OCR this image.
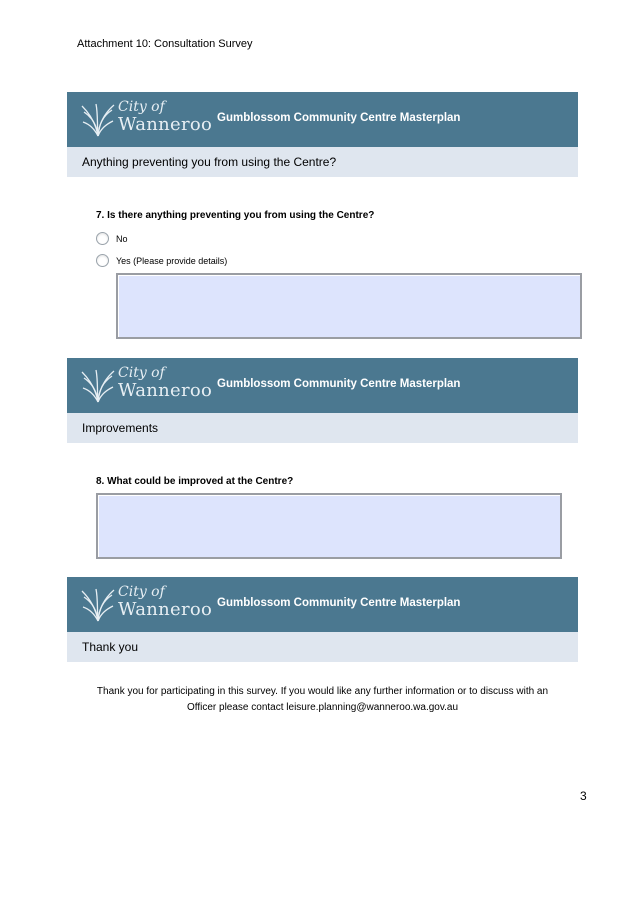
Attachment 10: Consultation Survey
City of
Wanneroo Gumblossom Community Centre Masterplan
Anything preventing you from using the Centre?
7. Is there anything preventing you from using the Centre?
No
Yes (Please provide details)
City of
Wanneroo Gumblossom Community Centre Masterplan
Improvements
8. What could be improved at the Centre?
City of
Wanneroo Gumblossom Community Centre Masterplan
Thank you
Thank you for participating in this survey. If you would like any further information or to discuss with an
Officer please contact leisure.planning@wanneroo.wa.gov.au
3
